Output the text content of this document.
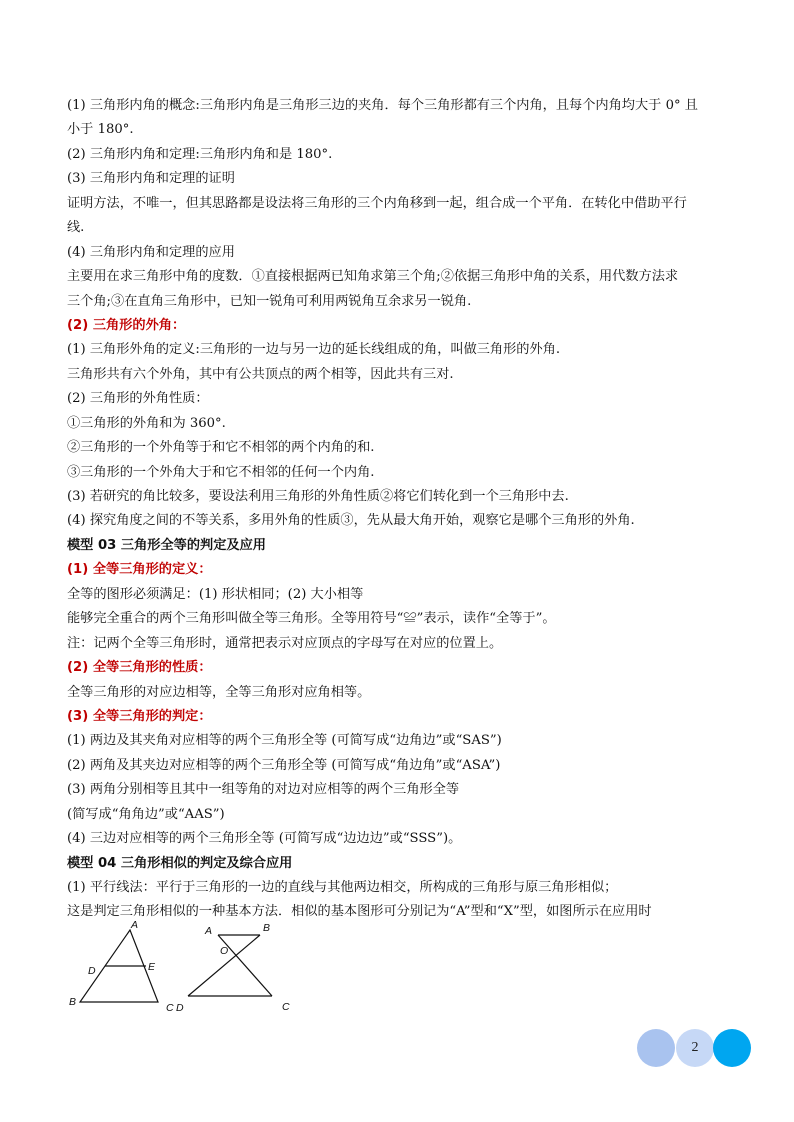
(1) 三角形内角的概念:三角形内角是三角形三边的夹角．每个三角形都有三个内角，且每个内角均大于 0° 且
小于 180°.
(2) 三角形内角和定理:三角形内角和是 180°.
(3) 三角形内角和定理的证明
证明方法，不唯一，但其思路都是设法将三角形的三个内角移到一起，组合成一个平角．在转化中借助平行
线.
(4) 三角形内角和定理的应用
主要用在求三角形中角的度数．①直接根据两已知角求第三个角;②依据三角形中角的关系，用代数方法求
三个角;③在直角三角形中，已知一锐角可利用两锐角互余求另一锐角.
(2) 三角形的外角：
(1) 三角形外角的定义:三角形的一边与另一边的延长线组成的角，叫做三角形的外角.
三角形共有六个外角，其中有公共顶点的两个相等，因此共有三对.
(2) 三角形的外角性质：
①三角形的外角和为 360°.
②三角形的一个外角等于和它不相邻的两个内角的和.
③三角形的一个外角大于和它不相邻的任何一个内角.
(3) 若研究的角比较多，要设法利用三角形的外角性质②将它们转化到一个三角形中去.
(4) 探究角度之间的不等关系，多用外角的性质③，先从最大角开始，观察它是哪个三角形的外角.
模型 03 三角形全等的判定及应用
(1) 全等三角形的定义：
全等的图形必须满足：(1) 形状相同；(2) 大小相等
能够完全重合的两个三角形叫做全等三角形。全等用符号“≌”表示，读作“全等于”。
注：记两个全等三角形时，通常把表示对应顶点的字母写在对应的位置上。
(2) 全等三角形的性质：
全等三角形的对应边相等，全等三角形对应角相等。
(3) 全等三角形的判定：
(1) 两边及其夹角对应相等的两个三角形全等 (可简写成“边角边”或“SAS”)
(2) 两角及其夹边对应相等的两个三角形全等 (可简写成“角边角”或“ASA”)
(3) 两角分别相等且其中一组等角的对边对应相等的两个三角形全等
(简写成“角角边”或“AAS”)
(4) 三边对应相等的两个三角形全等 (可简写成“边边边”或“SSS”)。
模型 04 三角形相似的判定及综合应用
(1) 平行线法：平行于三角形的一边的直线与其他两边相交，所构成的三角形与原三角形相似；
这是判定三角形相似的一种基本方法．相似的基本图形可分别记为“A”型和“X”型，如图所示在应用时
A
D	E
B	C
A	B
O
D	C
2
